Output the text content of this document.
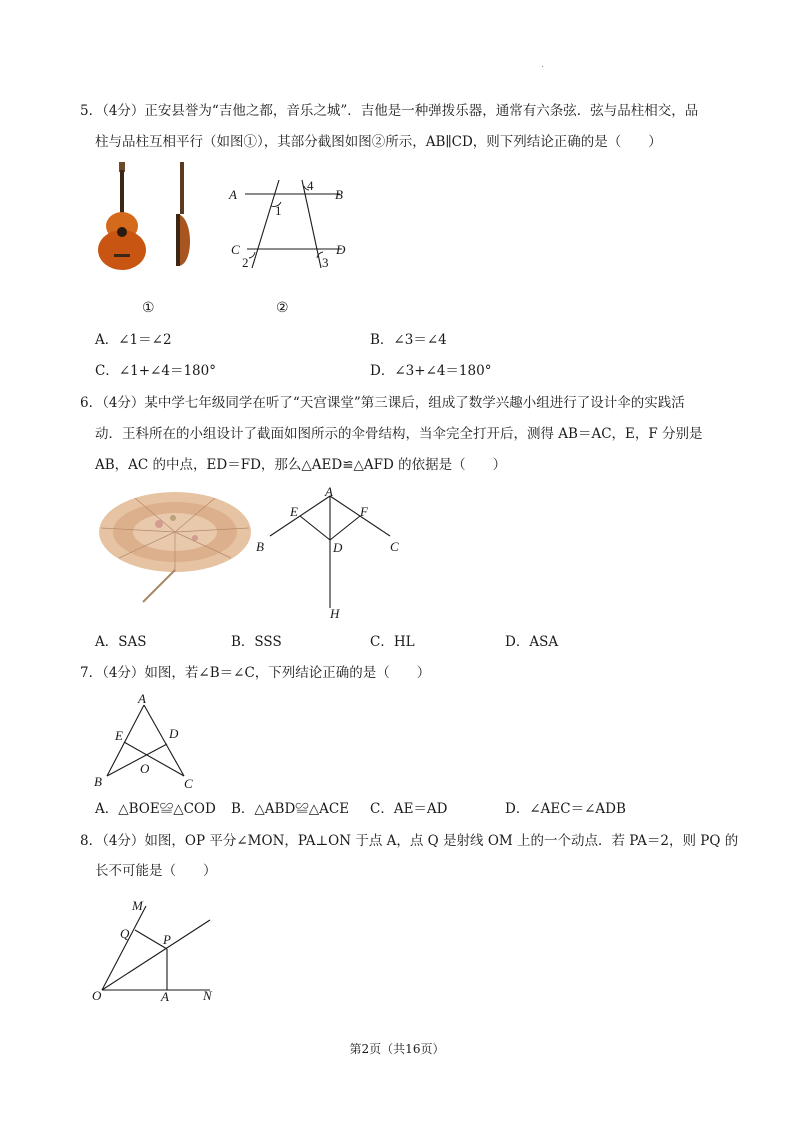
·
5．（4分）正安县誉为“吉他之都，音乐之城”．吉他是一种弹拨乐器，通常有六条弦．弦与品柱相交，品
柱与品柱互相平行（如图①），其部分截图如图②所示，AB∥CD，则下列结论正确的是（　　）
①	②
A	B
C	D
1
2	3
4
A．∠1＝∠2	B．∠3＝∠4
C．∠1+∠4＝180°	D．∠3+∠4＝180°
6．（4分）某中学七年级同学在听了“天宫课堂”第三课后，组成了数学兴趣小组进行了设计伞的实践活
动．王科所在的小组设计了截面如图所示的伞骨结构，当伞完全打开后，测得 AB＝AC，E，F 分别是
AB，AC 的中点，ED＝FD，那么△AED≌△AFD 的依据是（　　）
A
B	C
D
E	F
H
A．SAS	B．SSS	C．HL	D．ASA
7．（4分）如图，若∠B＝∠C，下列结论正确的是（　　）
A
B	C
D
E
O
A．△BOE≌△COD B．△ABD≌△ACE C．AE＝AD	D．∠AEC＝∠ADB
8．（4分）如图，OP 平分∠MON，PA⊥ON 于点 A，点 Q 是射线 OM 上的一个动点．若 PA＝2，则 PQ 的
长不可能是（　　）
M
Q	P
O	A	N
第2页（共16页）
